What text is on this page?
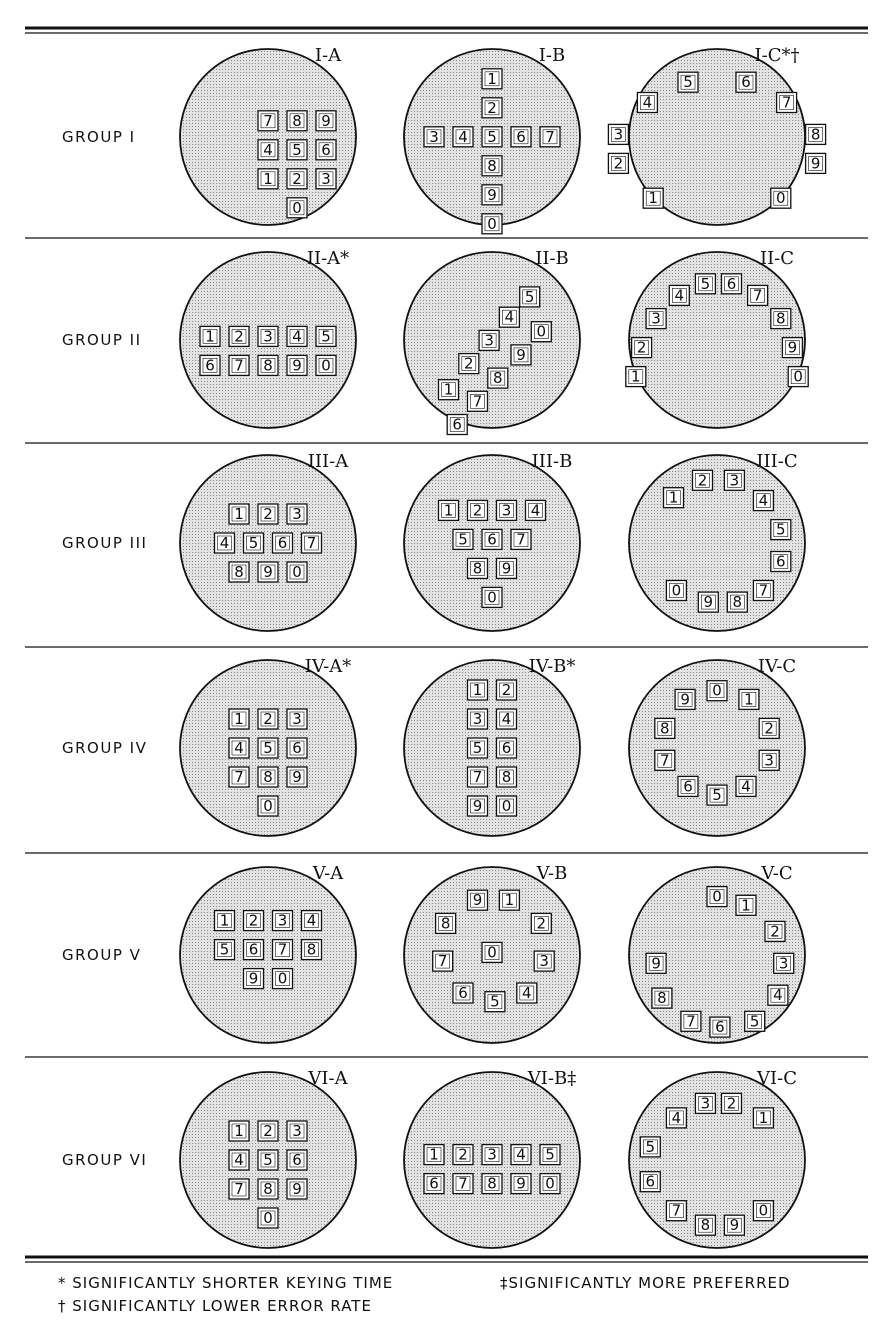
GROUP I
I-A
7 8 9
4 5 6
1 2 3
0
I-B
1
2
3 4 5 6 7
8
9
0
I-C*†
5	6
4	7
3	8
2	9
1	0
GROUP II
II-A*
1 2 3 4 5
6 7 8 9 0
II-B
5
4
0
3
9
2
8
1
7
6
II-C
4
5 6
7
3	8
2	9
1	0
GROUP III
III-A
1 2 3
4 5 6 7
8 9 0
III-B
1 2 3 4
5 6 7
8 9
0
III-C
2 3
1	4
5
6
7
0
9 8
GROUP IV
IV-A*
1 2 3
4 5 6
7 8 9
0
IV-B*
1 2
3 4
5 6
7 8
9 0
IV-C
0
9	1
8	2
7	3
6	4
5
GROUP V
V-A
1 2 3 4
5 6 7 8
9 0
V-B
9 1
8	2
0
7	3
6	4
5
V-C
0 1
2
3
9
4
8
5
7 6
GROUP VI
VI-A
1 2 3
4 5 6
7 8 9
0
VI-B‡
1 2 3 4 5
6 7 8 9 0
VI-C
3 2
4	1
5
6
7	0
8 9
* SIGNIFICANTLY SHORTER KEYING TIME
† SIGNIFICANTLY LOWER ERROR RATE
‡SIGNIFICANTLY MORE PREFERRED
